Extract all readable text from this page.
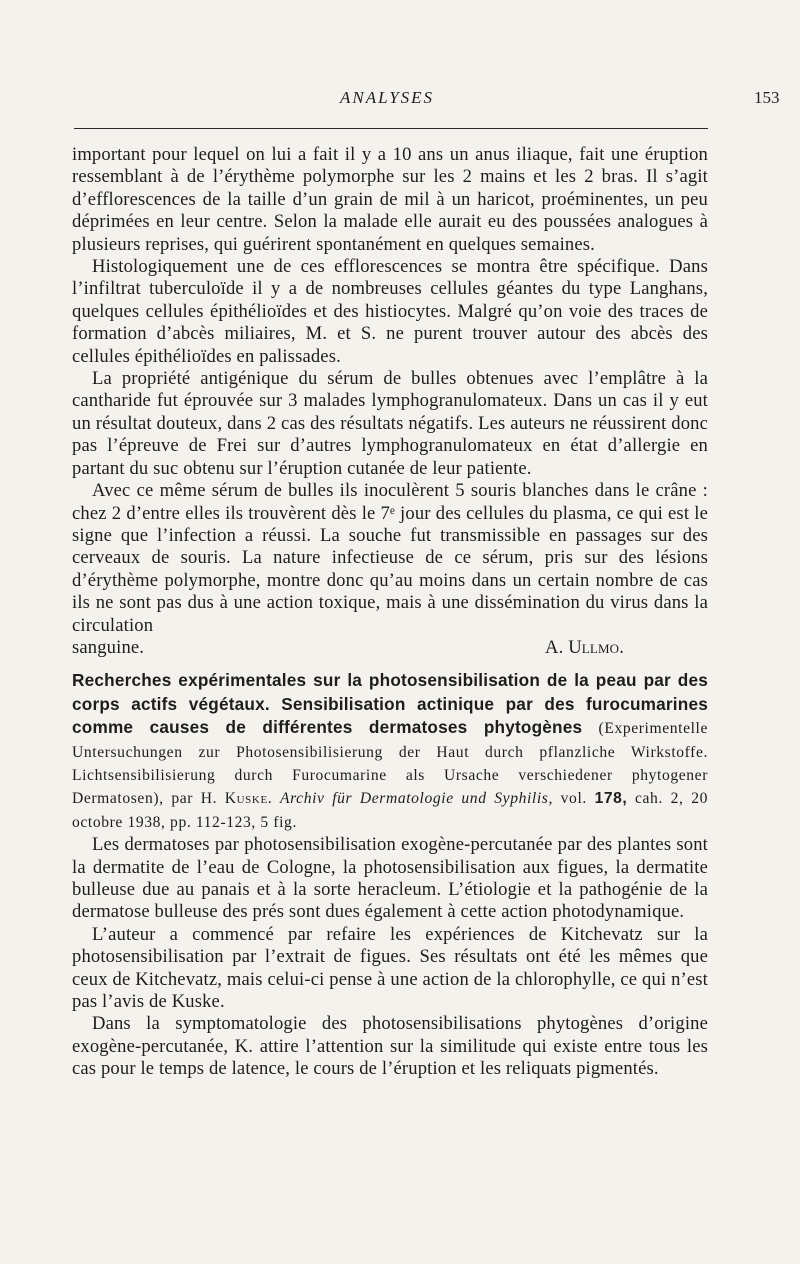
ANALYSES	153

important pour lequel on lui a fait il y a 10 ans un anus iliaque, fait une éruption ressemblant à de l’érythème polymorphe sur les 2 mains et les 2 bras. Il s’agit d’efflorescences de la taille d’un grain de mil à un haricot, proéminentes, un peu déprimées en leur centre. Selon la malade elle aurait eu des poussées analogues à plusieurs reprises, qui guérirent spontanément en quelques semaines.

Histologiquement une de ces efflorescences se montra être spécifique. Dans l’infiltrat tuberculoïde il y a de nombreuses cellules géantes du type Langhans, quelques cellules épithélioïdes et des histiocytes. Malgré qu’on voie des traces de formation d’abcès miliaires, M. et S. ne purent trouver autour des abcès des cellules épithélioïdes en palissades.

La propriété antigénique du sérum de bulles obtenues avec l’emplâtre à la cantharide fut éprouvée sur 3 malades lymphogranulomateux. Dans un cas il y eut un résultat douteux, dans 2 cas des résultats négatifs. Les auteurs ne réussirent donc pas l’épreuve de Frei sur d’autres lymphogranulomateux en état d’allergie en partant du suc obtenu sur l’éruption cutanée de leur patiente.

Avec ce même sérum de bulles ils inoculèrent 5 souris blanches dans le crâne : chez 2 d’entre elles ils trouvèrent dès le 7ᵉ jour des cellules du plasma, ce qui est le signe que l’infection a réussi. La souche fut transmissible en passages sur des cerveaux de souris. La nature infectieuse de ce sérum, pris sur des lésions d’érythème polymorphe, montre donc qu’au moins dans un certain nombre de cas ils ne sont pas dus à une action toxique, mais à une dissémination du virus dans la circulation

sanguine.	A. Ullmo.
Recherches expérimentales sur la photosensibilisation de la peau par des corps actifs végétaux. Sensibilisation actinique par des furocumarines comme causes de différentes dermatoses phytogènes (Experimentelle Untersuchungen zur Photosensibilisierung der Haut durch pflanzliche Wirkstoffe. Lichtsensibilisierung durch Furocumarine als Ursache verschiedener phytogener Dermatosen), par H. Kuske. Archiv für Dermatologie und Syphilis, vol. 178, cah. 2, 20 octobre 1938, pp. 112-123, 5 fig.

Les dermatoses par photosensibilisation exogène-percutanée par des plantes sont la dermatite de l’eau de Cologne, la photosensibilisation aux figues, la dermatite bulleuse due au panais et à la sorte heracleum. L’étiologie et la pathogénie de la dermatose bulleuse des prés sont dues également à cette action photodynamique.

L’auteur a commencé par refaire les expériences de Kitchevatz sur la photosensibilisation par l’extrait de figues. Ses résultats ont été les mêmes que ceux de Kitchevatz, mais celui-ci pense à une action de la chlorophylle, ce qui n’est pas l’avis de Kuske.

Dans la symptomatologie des photosensibilisations phytogènes d’origine exogène-percutanée, K. attire l’attention sur la similitude qui existe entre tous les cas pour le temps de latence, le cours de l’éruption et les reliquats pigmentés.
